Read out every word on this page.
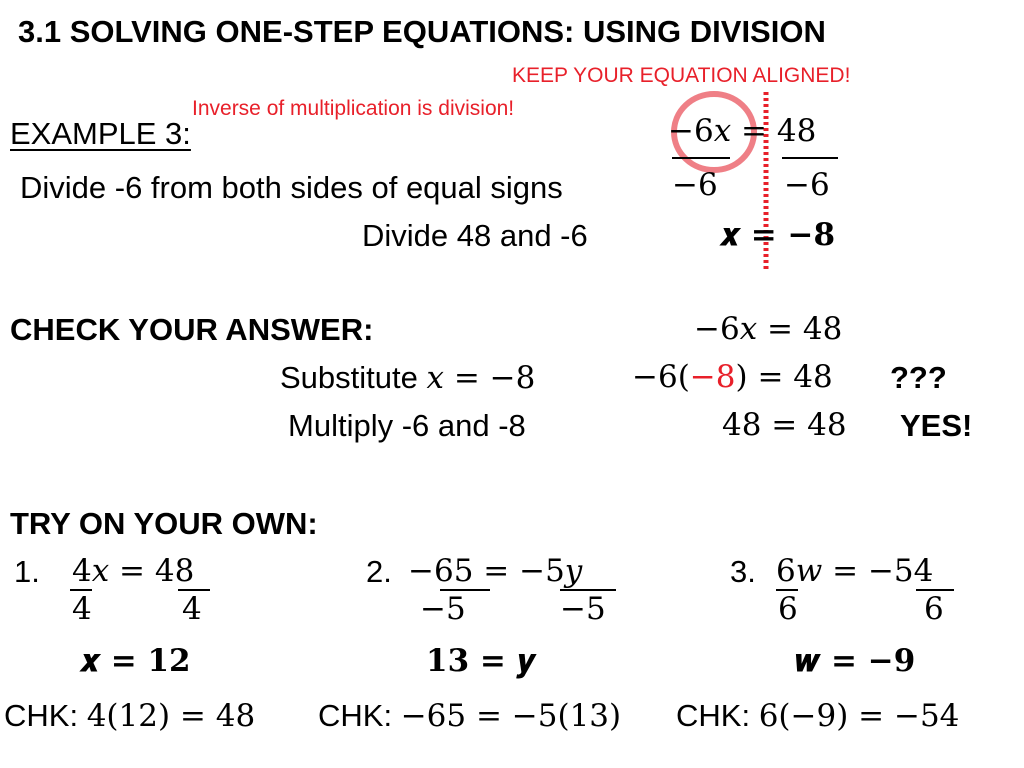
3.1 SOLVING ONE-STEP EQUATIONS: USING DIVISION
KEEP YOUR EQUATION ALIGNED!
Inverse of multiplication is division!
EXAMPLE 3:
Divide -6 from both sides of equal signs
Divide 48 and -6
−6𝑥 = 48
−6 −6
𝒙 = −𝟖
CHECK YOUR ANSWER:	−6𝑥 = 48
Substitute 𝑥 = −8	−6(−8) = 48 ???
Multiply -6 and -8	48 = 48 YES!
TRY ON YOUR OWN:
1. 4𝑥 = 48
4	4
𝒙 = 𝟏𝟐
CHK: 4(12) = 48
2. −65 = −5𝑦
−5	−5
𝟏𝟑 = 𝒚
CHK: −65 = −5(13)
3. 6𝑤 = −54
6	6
𝒘 = −𝟗
CHK: 6(−9) = −54
